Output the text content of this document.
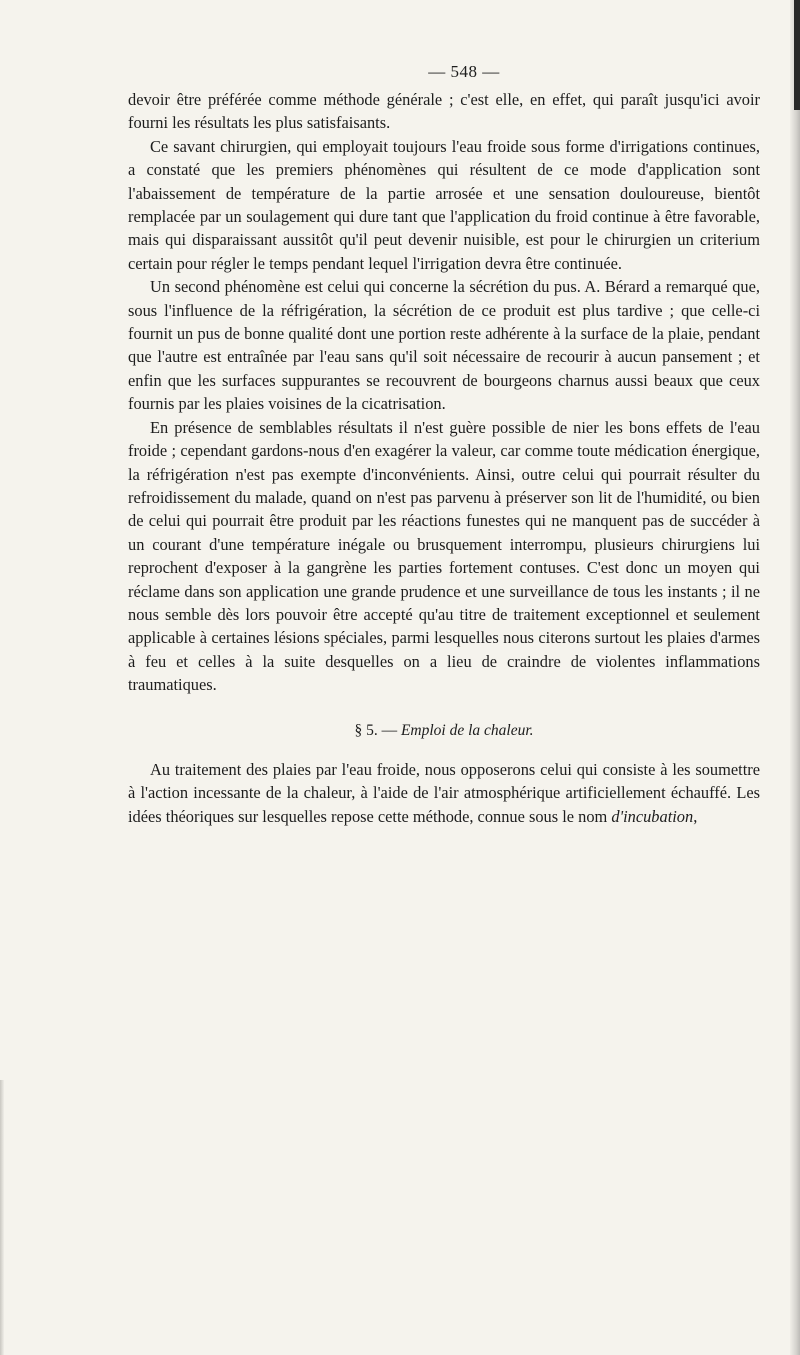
— 548 —

devoir être préférée comme méthode générale ; c'est elle, en effet, qui paraît jusqu'ici avoir fourni les résultats les plus satisfaisants.

Ce savant chirurgien, qui employait toujours l'eau froide sous forme d'irrigations continues, a constaté que les premiers phénomènes qui résultent de ce mode d'application sont l'abaissement de température de la partie arrosée et une sensation douloureuse, bientôt remplacée par un soulagement qui dure tant que l'application du froid continue à être favorable, mais qui disparaissant aussitôt qu'il peut devenir nuisible, est pour le chirurgien un criterium certain pour régler le temps pendant lequel l'irrigation devra être continuée.

Un second phénomène est celui qui concerne la sécrétion du pus. A. Bérard a remarqué que, sous l'influence de la réfrigération, la sécrétion de ce produit est plus tardive ; que celle-ci fournit un pus de bonne qualité dont une portion reste adhérente à la surface de la plaie, pendant que l'autre est entraînée par l'eau sans qu'il soit nécessaire de recourir à aucun pansement ; et enfin que les surfaces suppurantes se recouvrent de bourgeons charnus aussi beaux que ceux fournis par les plaies voisines de la cicatrisation.

En présence de semblables résultats il n'est guère possible de nier les bons effets de l'eau froide ; cependant gardons-nous d'en exagérer la valeur, car comme toute médication énergique, la réfrigération n'est pas exempte d'inconvénients. Ainsi, outre celui qui pourrait résulter du refroidissement du malade, quand on n'est pas parvenu à préserver son lit de l'humidité, ou bien de celui qui pourrait être produit par les réactions funestes qui ne manquent pas de succéder à un courant d'une température inégale ou brusquement interrompu, plusieurs chirurgiens lui reprochent d'exposer à la gangrène les parties fortement contuses. C'est donc un moyen qui réclame dans son application une grande prudence et une surveillance de tous les instants ; il ne nous semble dès lors pouvoir être accepté qu'au titre de traitement exceptionnel et seulement applicable à certaines lésions spéciales, parmi lesquelles nous citerons surtout les plaies d'armes à feu et celles à la suite desquelles on a lieu de craindre de violentes inflammations traumatiques.

§ 5. — Emploi de la chaleur.

Au traitement des plaies par l'eau froide, nous opposerons celui qui consiste à les soumettre à l'action incessante de la chaleur, à l'aide de l'air atmosphérique artificiellement échauffé. Les idées théoriques sur lesquelles repose cette méthode, connue sous le nom d'incubation,
